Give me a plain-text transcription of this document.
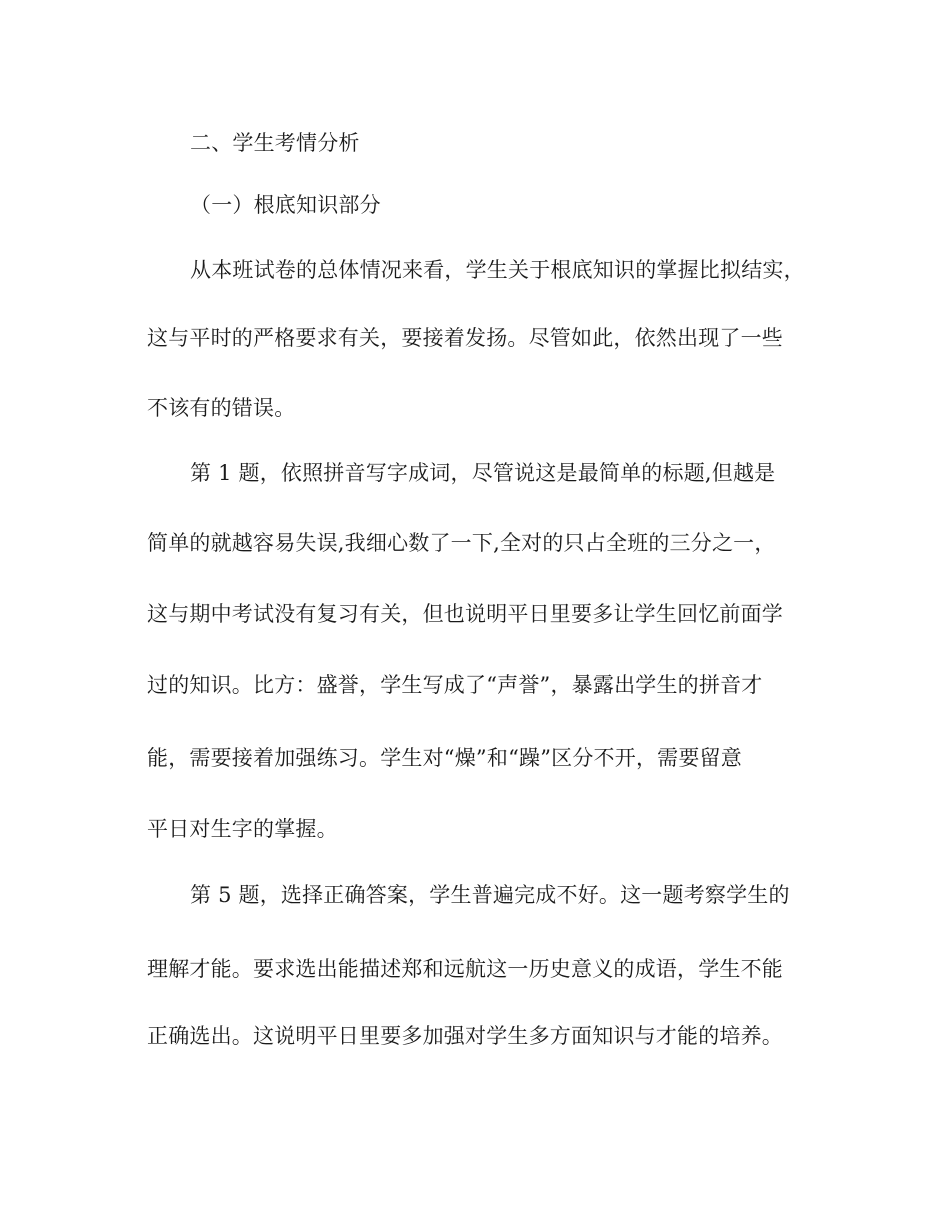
二、学生考情分析
（一）根底知识部分
从本班试卷的总体情况来看，学生关于根底知识的掌握比拟结实，
这与平时的严格要求有关，要接着发扬。尽管如此，依然出现了一些
不该有的错误。
第 1 题，依照拼音写字成词，尽管说这是最简单的标题,但越是
简单的就越容易失误,我细心数了一下,全对的只占全班的三分之一，
这与期中考试没有复习有关，但也说明平日里要多让学生回忆前面学
过的知识。比方：盛誉，学生写成了“声誉”，暴露出学生的拼音才
能，需要接着加强练习。学生对“燥”和“躁”区分不开，需要留意
平日对生字的掌握。
第 5 题，选择正确答案，学生普遍完成不好。这一题考察学生的
理解才能。要求选出能描述郑和远航这一历史意义的成语，学生不能
正确选出。这说明平日里要多加强对学生多方面知识与才能的培养。
